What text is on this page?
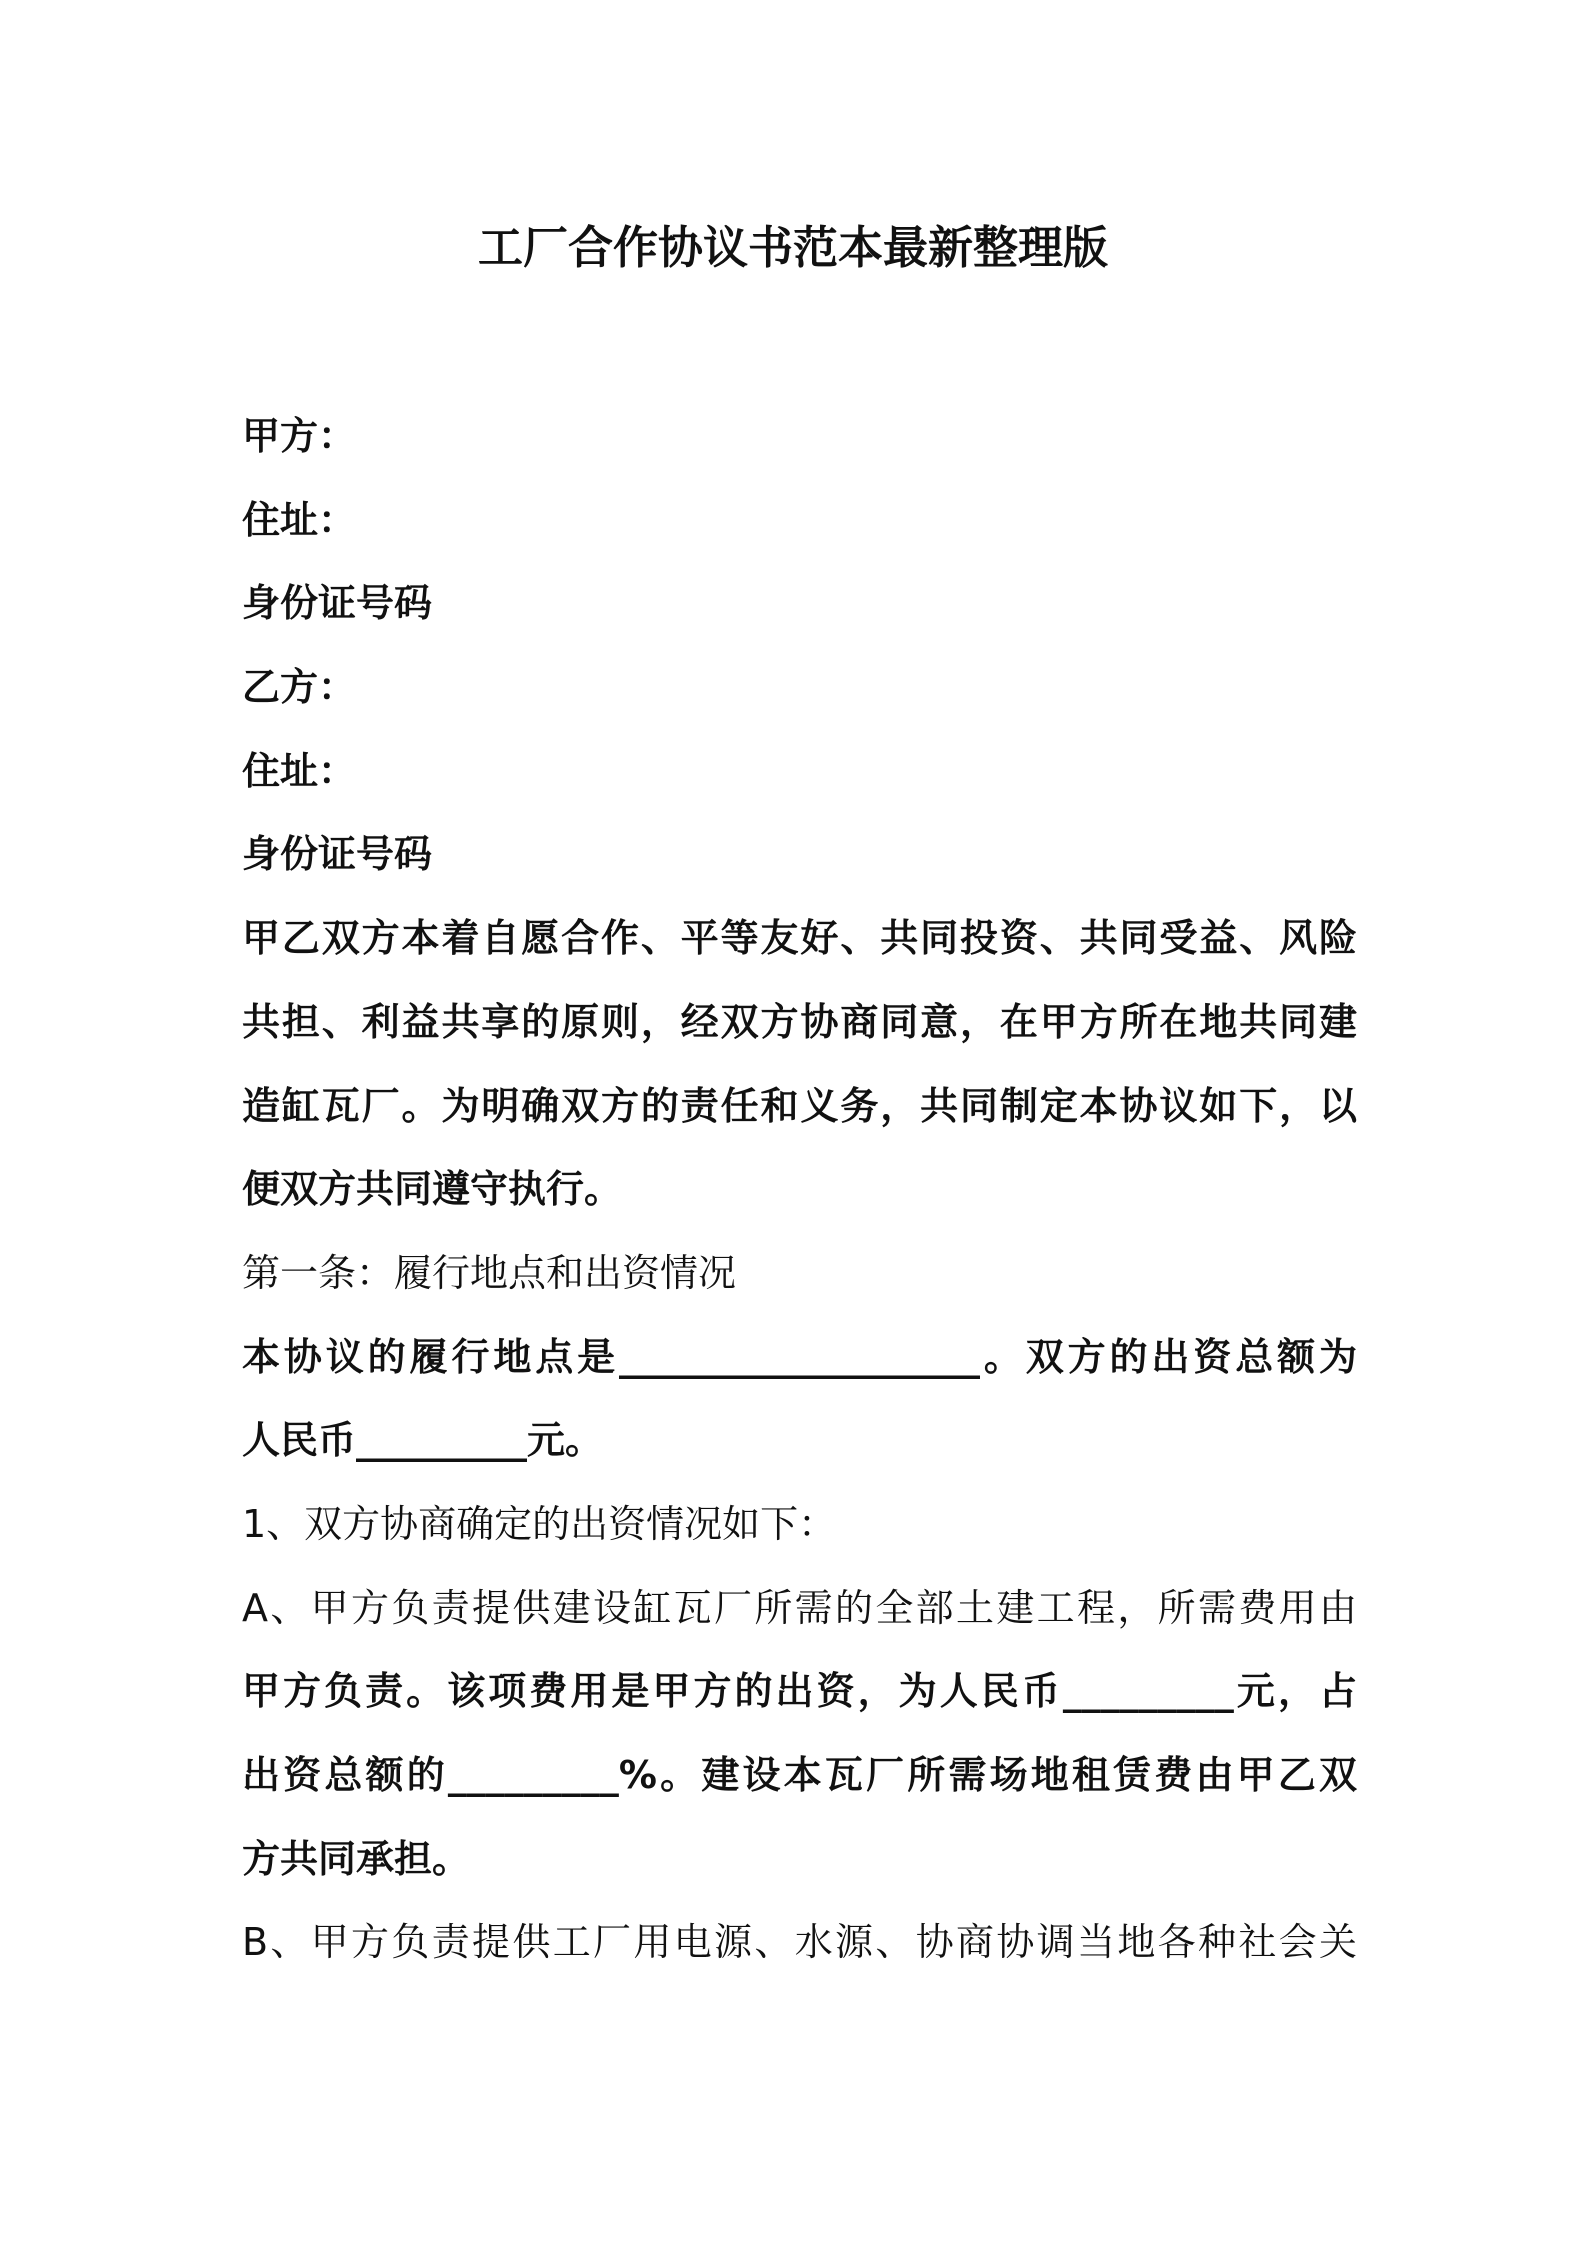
工厂合作协议书范本最新整理版
甲方：
住址：
身份证号码
乙方：
住址：
身份证号码
甲乙双方本着自愿合作、平等友好、共同投资、共同受益、风险
共担、利益共享的原则，经双方协商同意，在甲方所在地共同建
造缸瓦厂。为明确双方的责任和义务，共同制定本协议如下，以
便双方共同遵守执行。
第一条：履行地点和出资情况
本协议的履行地点是___________________。双方的出资总额为
人民币_________元。
1、双方协商确定的出资情况如下：
A、甲方负责提供建设缸瓦厂所需的全部土建工程，所需费用由
甲方负责。该项费用是甲方的出资，为人民币_________元，占
出资总额的_________%。建设本瓦厂所需场地租赁费由甲乙双
方共同承担。
B、甲方负责提供工厂用电源、水源、协商协调当地各种社会关
